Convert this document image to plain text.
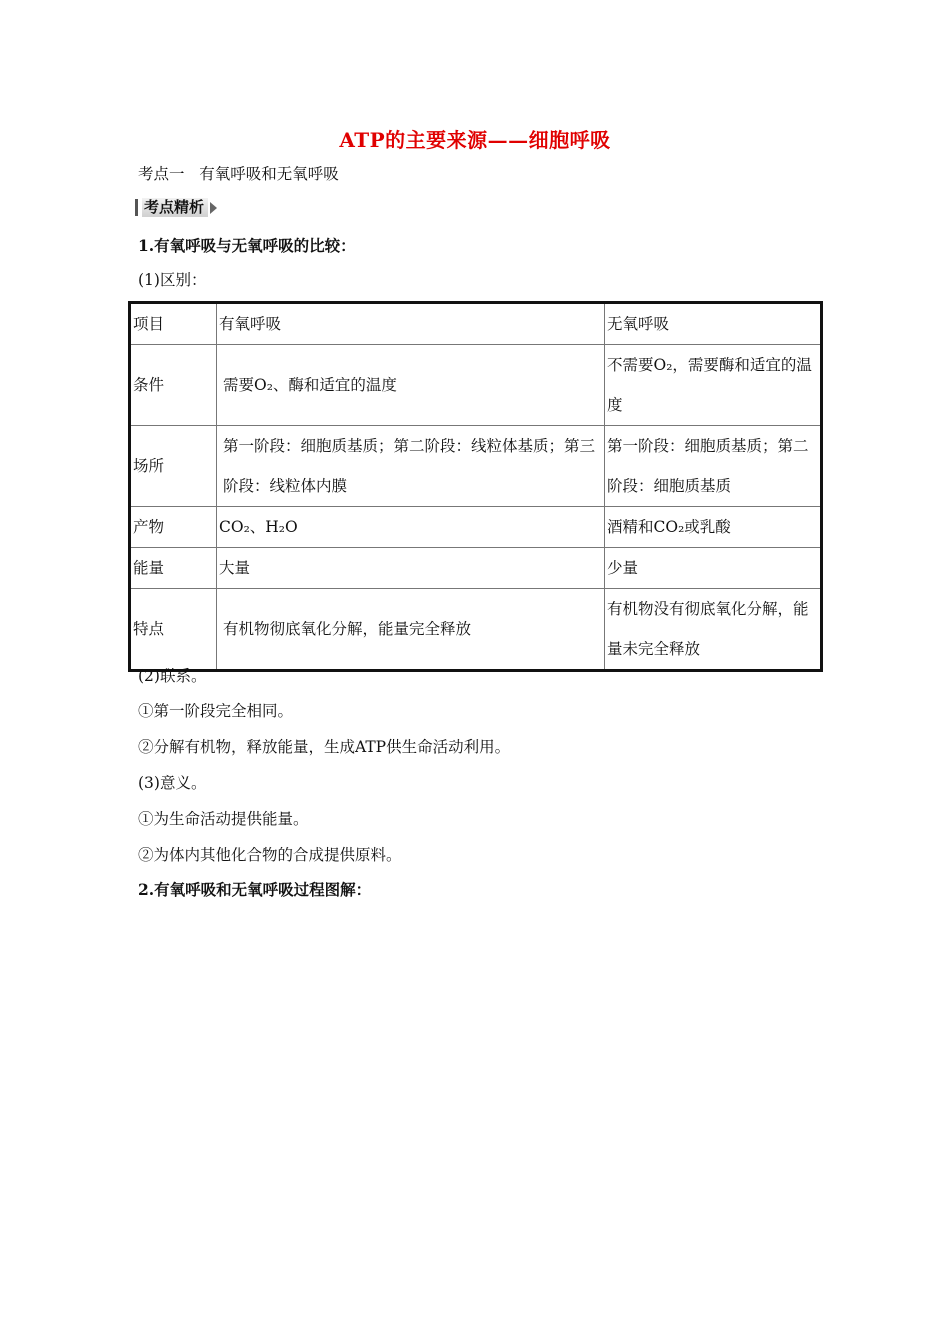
ATP的主要来源——细胞呼吸
考点一   有氧呼吸和无氧呼吸
考点精析
1.有氧呼吸与无氧呼吸的比较：
(1)区别：
项目	有氧呼吸	无氧呼吸
条件	需要O₂、酶和适宜的温度	不需要O₂，需要酶和适宜的温度
场所	第一阶段：细胞质基质；第二阶段：线粒体基质；第三阶段：线粒体内膜	第一阶段：细胞质基质；第二阶段：细胞质基质
产物	CO₂、H₂O	酒精和CO₂或乳酸
能量	大量	少量
特点	有机物彻底氧化分解，能量完全释放	有机物没有彻底氧化分解，能量未完全释放
(2)联系。
①第一阶段完全相同。
②分解有机物，释放能量，生成ATP供生命活动利用。
(3)意义。
①为生命活动提供能量。
②为体内其他化合物的合成提供原料。
2.有氧呼吸和无氧呼吸过程图解：
